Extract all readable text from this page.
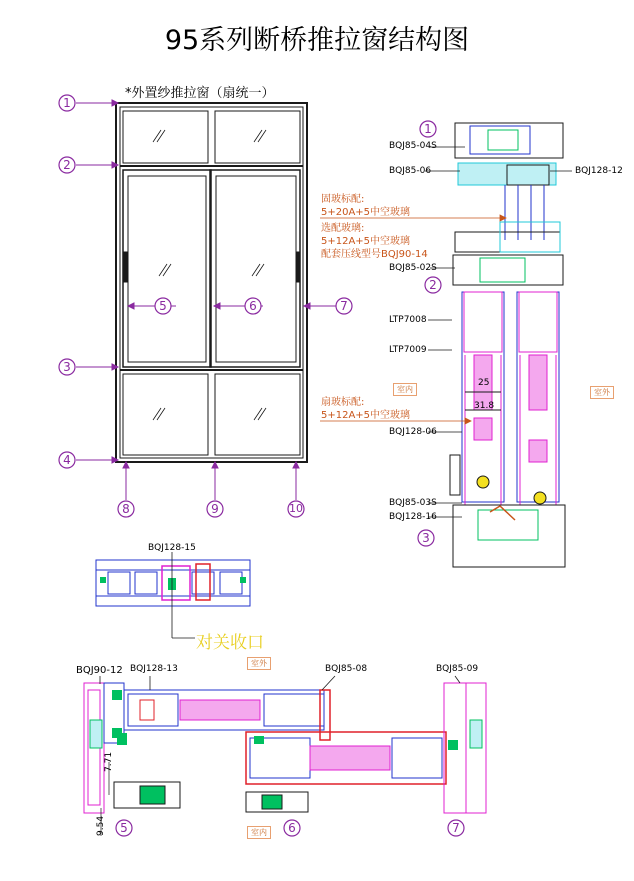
95系列断桥推拉窗结构图
*外置纱推拉窗（扇统一）
1
2
3
4
5	6	7
8	9	10
1
2
3
BQJ85-04S
BQJ85-06	BQJ128-12
BQJ85-02S
LTP7008
LTP7009
BQJ128-06
BQJ85-03S
BQJ128-16
25
31.8
固玻标配:
5+20A+5中空玻璃
选配玻璃:
5+12A+5中空玻璃
配套压线型号BQJ90-14
扇玻标配:
5+12A+5中空玻璃
室内	室外
BQJ128-15
对关收口
BQJ90-12 BQJ128-13	BQJ85-08	BQJ85-09
室外
室内
5	6	7
7.71
9.54
